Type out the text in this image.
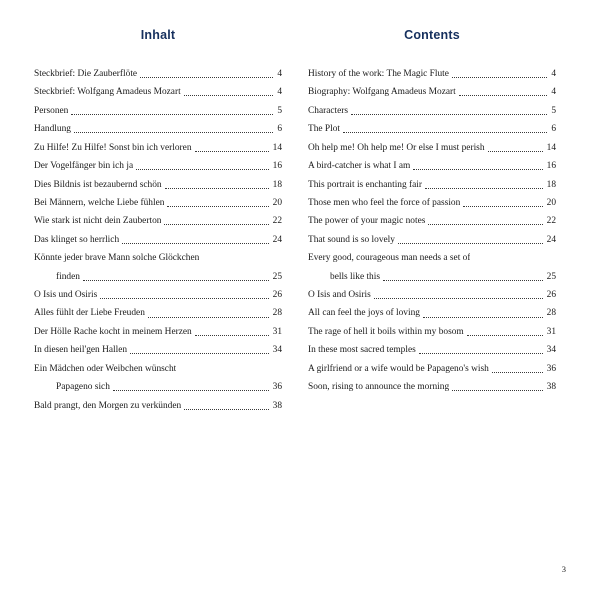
Inhalt
Steckbrief: Die Zauberflöte	4
Steckbrief: Wolfgang Amadeus Mozart	4
Personen	5
Handlung	6
Zu Hilfe! Zu Hilfe! Sonst bin ich verloren	14
Der Vogelfänger bin ich ja	16
Dies Bildnis ist bezaubernd schön	18
Bei Männern, welche Liebe fühlen	20
Wie stark ist nicht dein Zauberton	22
Das klinget so herrlich	24
Könnte jeder brave Mann solche Glöckchen
finden	25
O Isis und Osiris	26
Alles fühlt der Liebe Freuden	28
Der Hölle Rache kocht in meinem Herzen	31
In diesen heil'gen Hallen	34
Ein Mädchen oder Weibchen wünscht
Papageno sich	36
Bald prangt, den Morgen zu verkünden	38
Contents
History of the work: The Magic Flute	4
Biography: Wolfgang Amadeus Mozart	4
Characters	5
The Plot	6
Oh help me! Oh help me! Or else I must perish	14
A bird-catcher is what I am	16
This portrait is enchanting fair	18
Those men who feel the force of passion	20
The power of your magic notes	22
That sound is so lovely	24
Every good, courageous man needs a set of
bells like this	25
O Isis and Osiris	26
All can feel the joys of loving	28
The rage of hell it boils within my bosom	31
In these most sacred temples	34
A girlfriend or a wife would be Papageno's wish	36
Soon, rising to announce the morning	38
3
